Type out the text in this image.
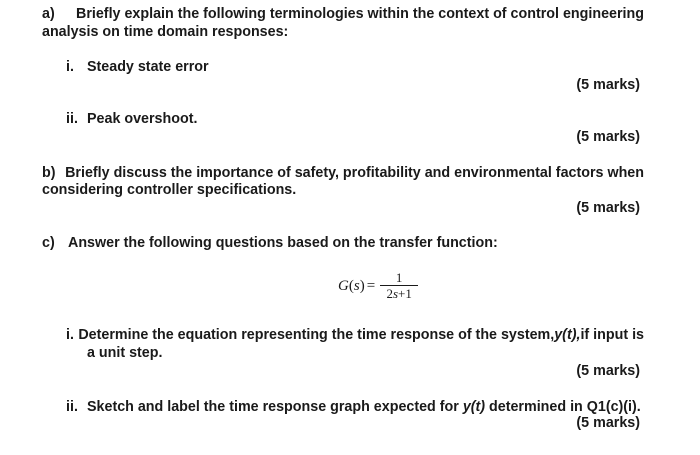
a)	Briefly explain the following terminologies within the context of control engineering
analysis on time domain responses:
i. Steady state error
(5 marks)
ii. Peak overshoot.
(5 marks)
b) Briefly discuss the importance of safety, profitability and environmental factors when
considering controller specifications.
(5 marks)
c) Answer the following questions based on the transfer function:
$G(s) = \frac{1}{2s+1}$
i. Determine the equation representing the time response of the system, y(t), if input is
a unit step.
(5 marks)
ii. Sketch and label the time response graph expected for y(t) determined in Q1(c)(i).
(5 marks)
